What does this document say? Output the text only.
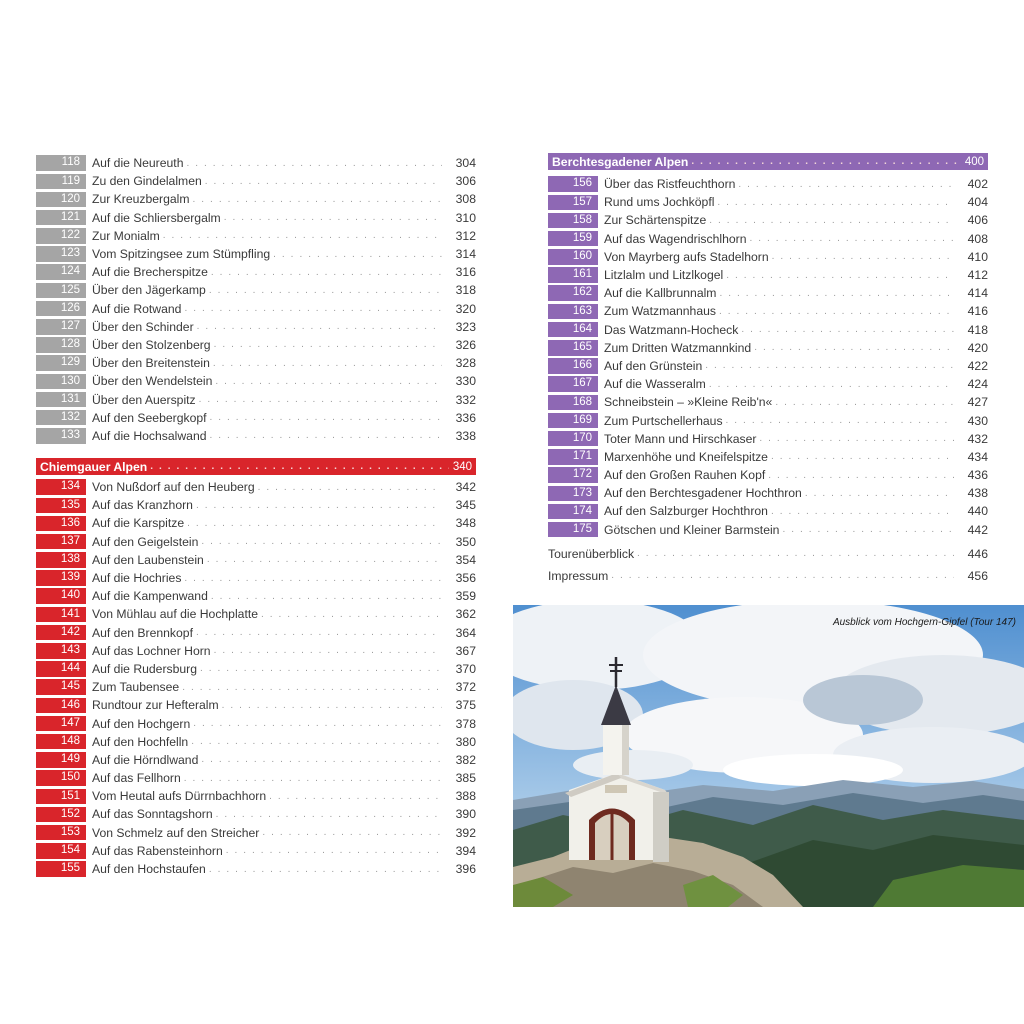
118 Auf die Neureuth . . .	304
119 Zu den Gindelalmen . . .	306
120 Zur Kreuzbergalm . . .	308
121 Auf die Schliersbergalm . . .	310
122 Zur Monialm . . .	312
123 Vom Spitzingsee zum Stümpfling . . .	314
124 Auf die Brecherspitze . . .	316
125 Über den Jägerkamp . . .	318
126 Auf die Rotwand . . .	320
127 Über den Schinder . . .	323
128 Über den Stolzenberg . . .	326
129 Über den Breitenstein . . .	328
130 Über den Wendelstein . . .	330
131 Über den Auerspitz . . .	332
132 Auf den Seebergkopf . . .	336
133 Auf die Hochsalwand . . .	338
Chiemgauer Alpen . . .	340
134 Von Nußdorf auf den Heuberg . . .	342
135 Auf das Kranzhorn . . .	345
136 Auf die Karspitze . . .	348
137 Auf den Geigelstein . . .	350
138 Auf den Laubenstein . . .	354
139 Auf die Hochries . . .	356
140 Auf die Kampenwand . . .	359
141 Von Mühlau auf die Hochplatte . . .	362
142 Auf den Brennkopf . . .	364
143 Auf das Lochner Horn . . .	367
144 Auf die Rudersburg . . .	370
145 Zum Taubensee . . .	372
146 Rundtour zur Hefteralm . . .	375
147 Auf den Hochgern . . .	378
148 Auf den Hochfelln . . .	380
149 Auf die Hörndlwand . . .	382
150 Auf das Fellhorn . . .	385
151 Vom Heutal aufs Dürrnbachhorn . . .	388
152 Auf das Sonntagshorn . . .	390
153 Von Schmelz auf den Streicher . . .	392
154 Auf das Rabensteinhorn . . .	394
155 Auf den Hochstaufen . . .	396
Berchtesgadener Alpen . . .	400
156 Über das Ristfeuchthorn . . .	402
157 Rund ums Jochköpfl . . .	404
158 Zur Schärtenspitze . . .	406
159 Auf das Wagendrischlhorn . . .	408
160 Von Mayrberg aufs Stadelhorn . . .	410
161 Litzlalm und Litzlkogel . . .	412
162 Auf die Kallbrunnalm . . .	414
163 Zum Watzmannhaus . . .	416
164 Das Watzmann-Hocheck . . .	418
165 Zum Dritten Watzmannkind . . .	420
166 Auf den Grünstein . . .	422
167 Auf die Wasseralm . . .	424
168 Schneibstein – »Kleine Reib'n« . . .	427
169 Zum Purtschellerhaus . . .	430
170 Toter Mann und Hirschkaser . . .	432
171 Marxenhöhe und Kneifelspitze . . .	434
172 Auf den Großen Rauhen Kopf . . .	436
173 Auf den Berchtesgadener Hochthron . . .	438
174 Auf den Salzburger Hochthron . . .	440
175 Götschen und Kleiner Barmstein . . .	442
Tourenüberblick . . .	446
Impressum . . .	456
Ausblick vom Hochgern-Gipfel (Tour 147)
